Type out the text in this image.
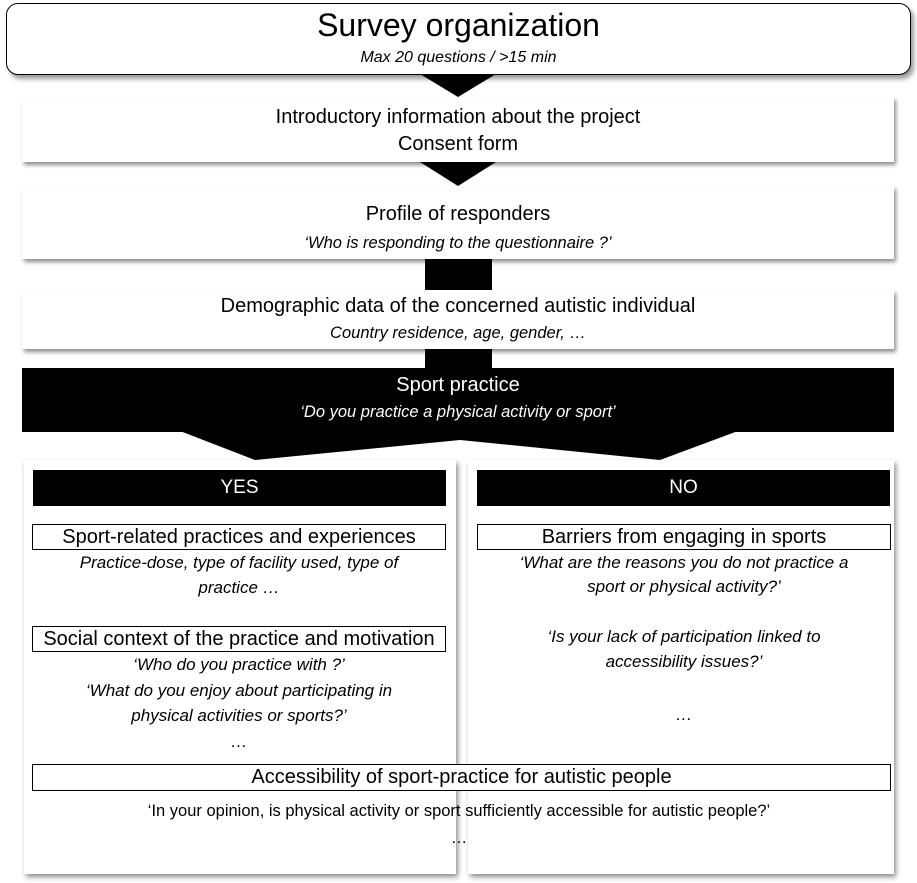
Survey organization
Max 20 questions / >15 min
Introductory information about the project
Consent form
Profile of responders
‘Who is responding to the questionnaire ?’
Demographic data of the concerned autistic individual
Country residence, age, gender, …
Sport practice
‘Do you practice a physical activity or sport’
YES	NO
Sport-related practices and experiences
Practice-dose, type of facility used, type of
practice …
Social context of the practice and motivation
‘Who do you practice with ?’
‘What do you enjoy about participating in
physical activities or sports?’
…
Barriers from engaging in sports
‘What are the reasons you do not practice a
sport or physical activity?’
‘Is your lack of participation linked to
accessibility issues?’
…
Accessibility of sport-practice for autistic people
‘In your opinion, is physical activity or sport sufficiently accessible for autistic people?’
…
